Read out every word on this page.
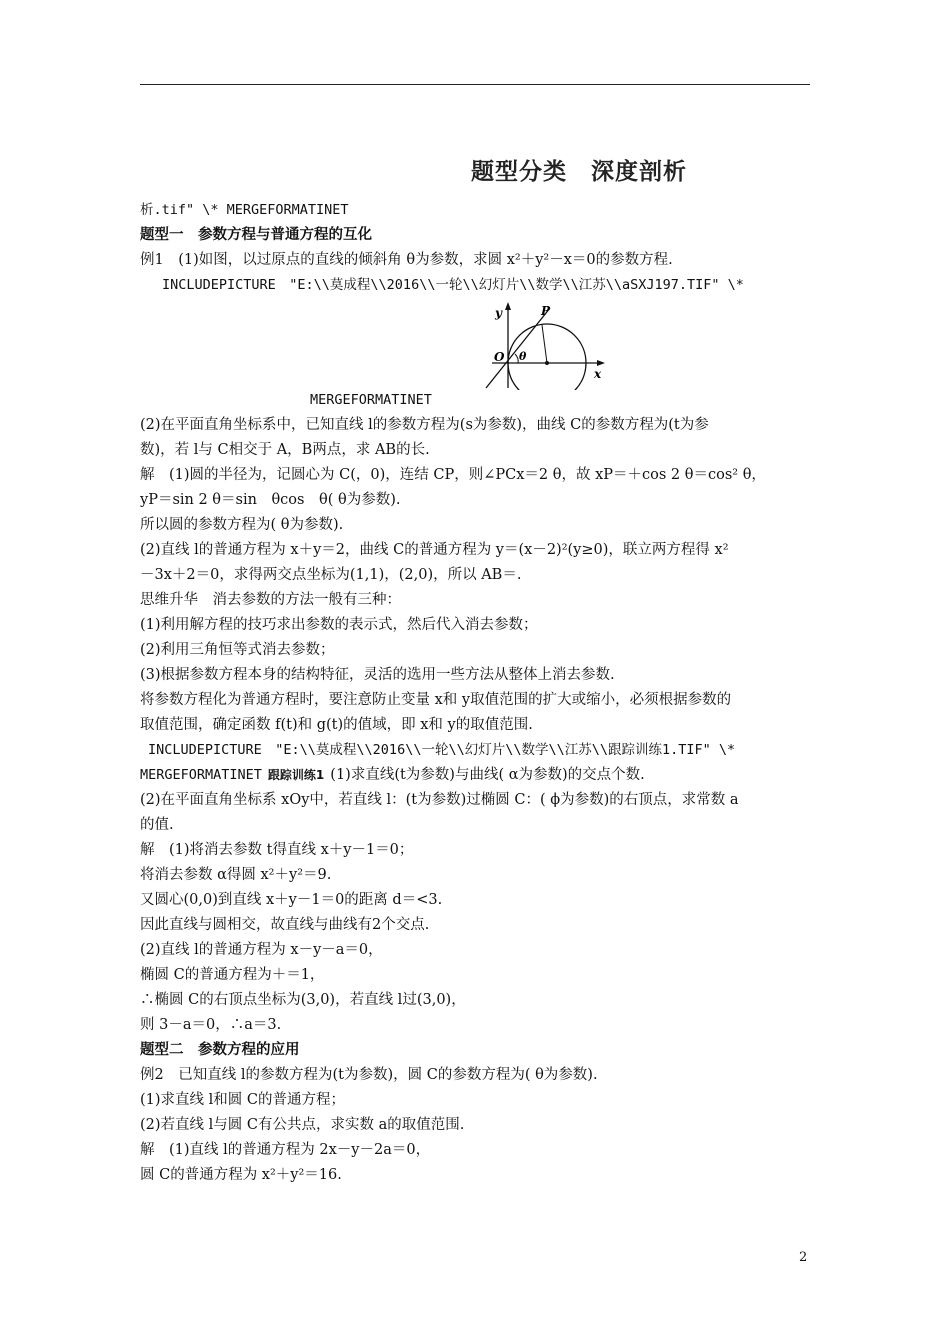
题型分类　深度剖析
析.tif" \* MERGEFORMATINET
题型一　参数方程与普通方程的互化
例1　(1)如图，以过原点的直线的倾斜角 θ为参数，求圆 x²＋y²－x＝0的参数方程.
INCLUDEPICTURE　"E:\\莫成程\\2016\\一轮\\幻灯片\\数学\\江苏\\aSXJ197.TIF" \*
y
x
O
P
θ
MERGEFORMATINET
(2)在平面直角坐标系中，已知直线 l的参数方程为(s为参数)，曲线 C的参数方程为(t为参
数)，若 l与 C相交于 A，B两点，求 AB的长.
解　(1)圆的半径为，记圆心为 C(，0)，连结 CP，则∠PCx＝2 θ，故 xP＝＋cos 2 θ＝cos² θ，
yP＝sin 2 θ＝sin　θcos　θ( θ为参数).
所以圆的参数方程为( θ为参数).
(2)直线 l的普通方程为 x＋y＝2，曲线 C的普通方程为 y＝(x－2)²(y≥0)，联立两方程得 x²
－3x＋2＝0，求得两交点坐标为(1,1)，(2,0)，所以 AB＝.
思维升华　消去参数的方法一般有三种：
(1)利用解方程的技巧求出参数的表示式，然后代入消去参数；
(2)利用三角恒等式消去参数；
(3)根据参数方程本身的结构特征，灵活的选用一些方法从整体上消去参数.
将参数方程化为普通方程时，要注意防止变量 x和 y取值范围的扩大或缩小，必须根据参数的
取值范围，确定函数 f(t)和 g(t)的值域，即 x和 y的取值范围.
INCLUDEPICTURE　"E:\\莫成程\\2016\\一轮\\幻灯片\\数学\\江苏\\跟踪训练1.TIF" \*
MERGEFORMATINET 跟踪训练1 (1)求直线(t为参数)与曲线( α为参数)的交点个数.
(2)在平面直角坐标系 xOy中，若直线 l：(t为参数)过椭圆 C：( ϕ为参数)的右顶点，求常数 a
的值.
解　(1)将消去参数 t得直线 x＋y－1＝0；
将消去参数 α得圆 x²＋y²＝9.
又圆心(0,0)到直线 x＋y－1＝0的距离 d＝<3.
因此直线与圆相交，故直线与曲线有2个交点.
(2)直线 l的普通方程为 x－y－a＝0，
椭圆 C的普通方程为＋＝1，
∴椭圆 C的右顶点坐标为(3,0)，若直线 l过(3,0)，
则 3－a＝0，∴a＝3.
题型二　参数方程的应用
例2　已知直线 l的参数方程为(t为参数)，圆 C的参数方程为( θ为参数).
(1)求直线 l和圆 C的普通方程；
(2)若直线 l与圆 C有公共点，求实数 a的取值范围.
解　(1)直线 l的普通方程为 2x－y－2a＝0，
圆 C的普通方程为 x²＋y²＝16.
2
